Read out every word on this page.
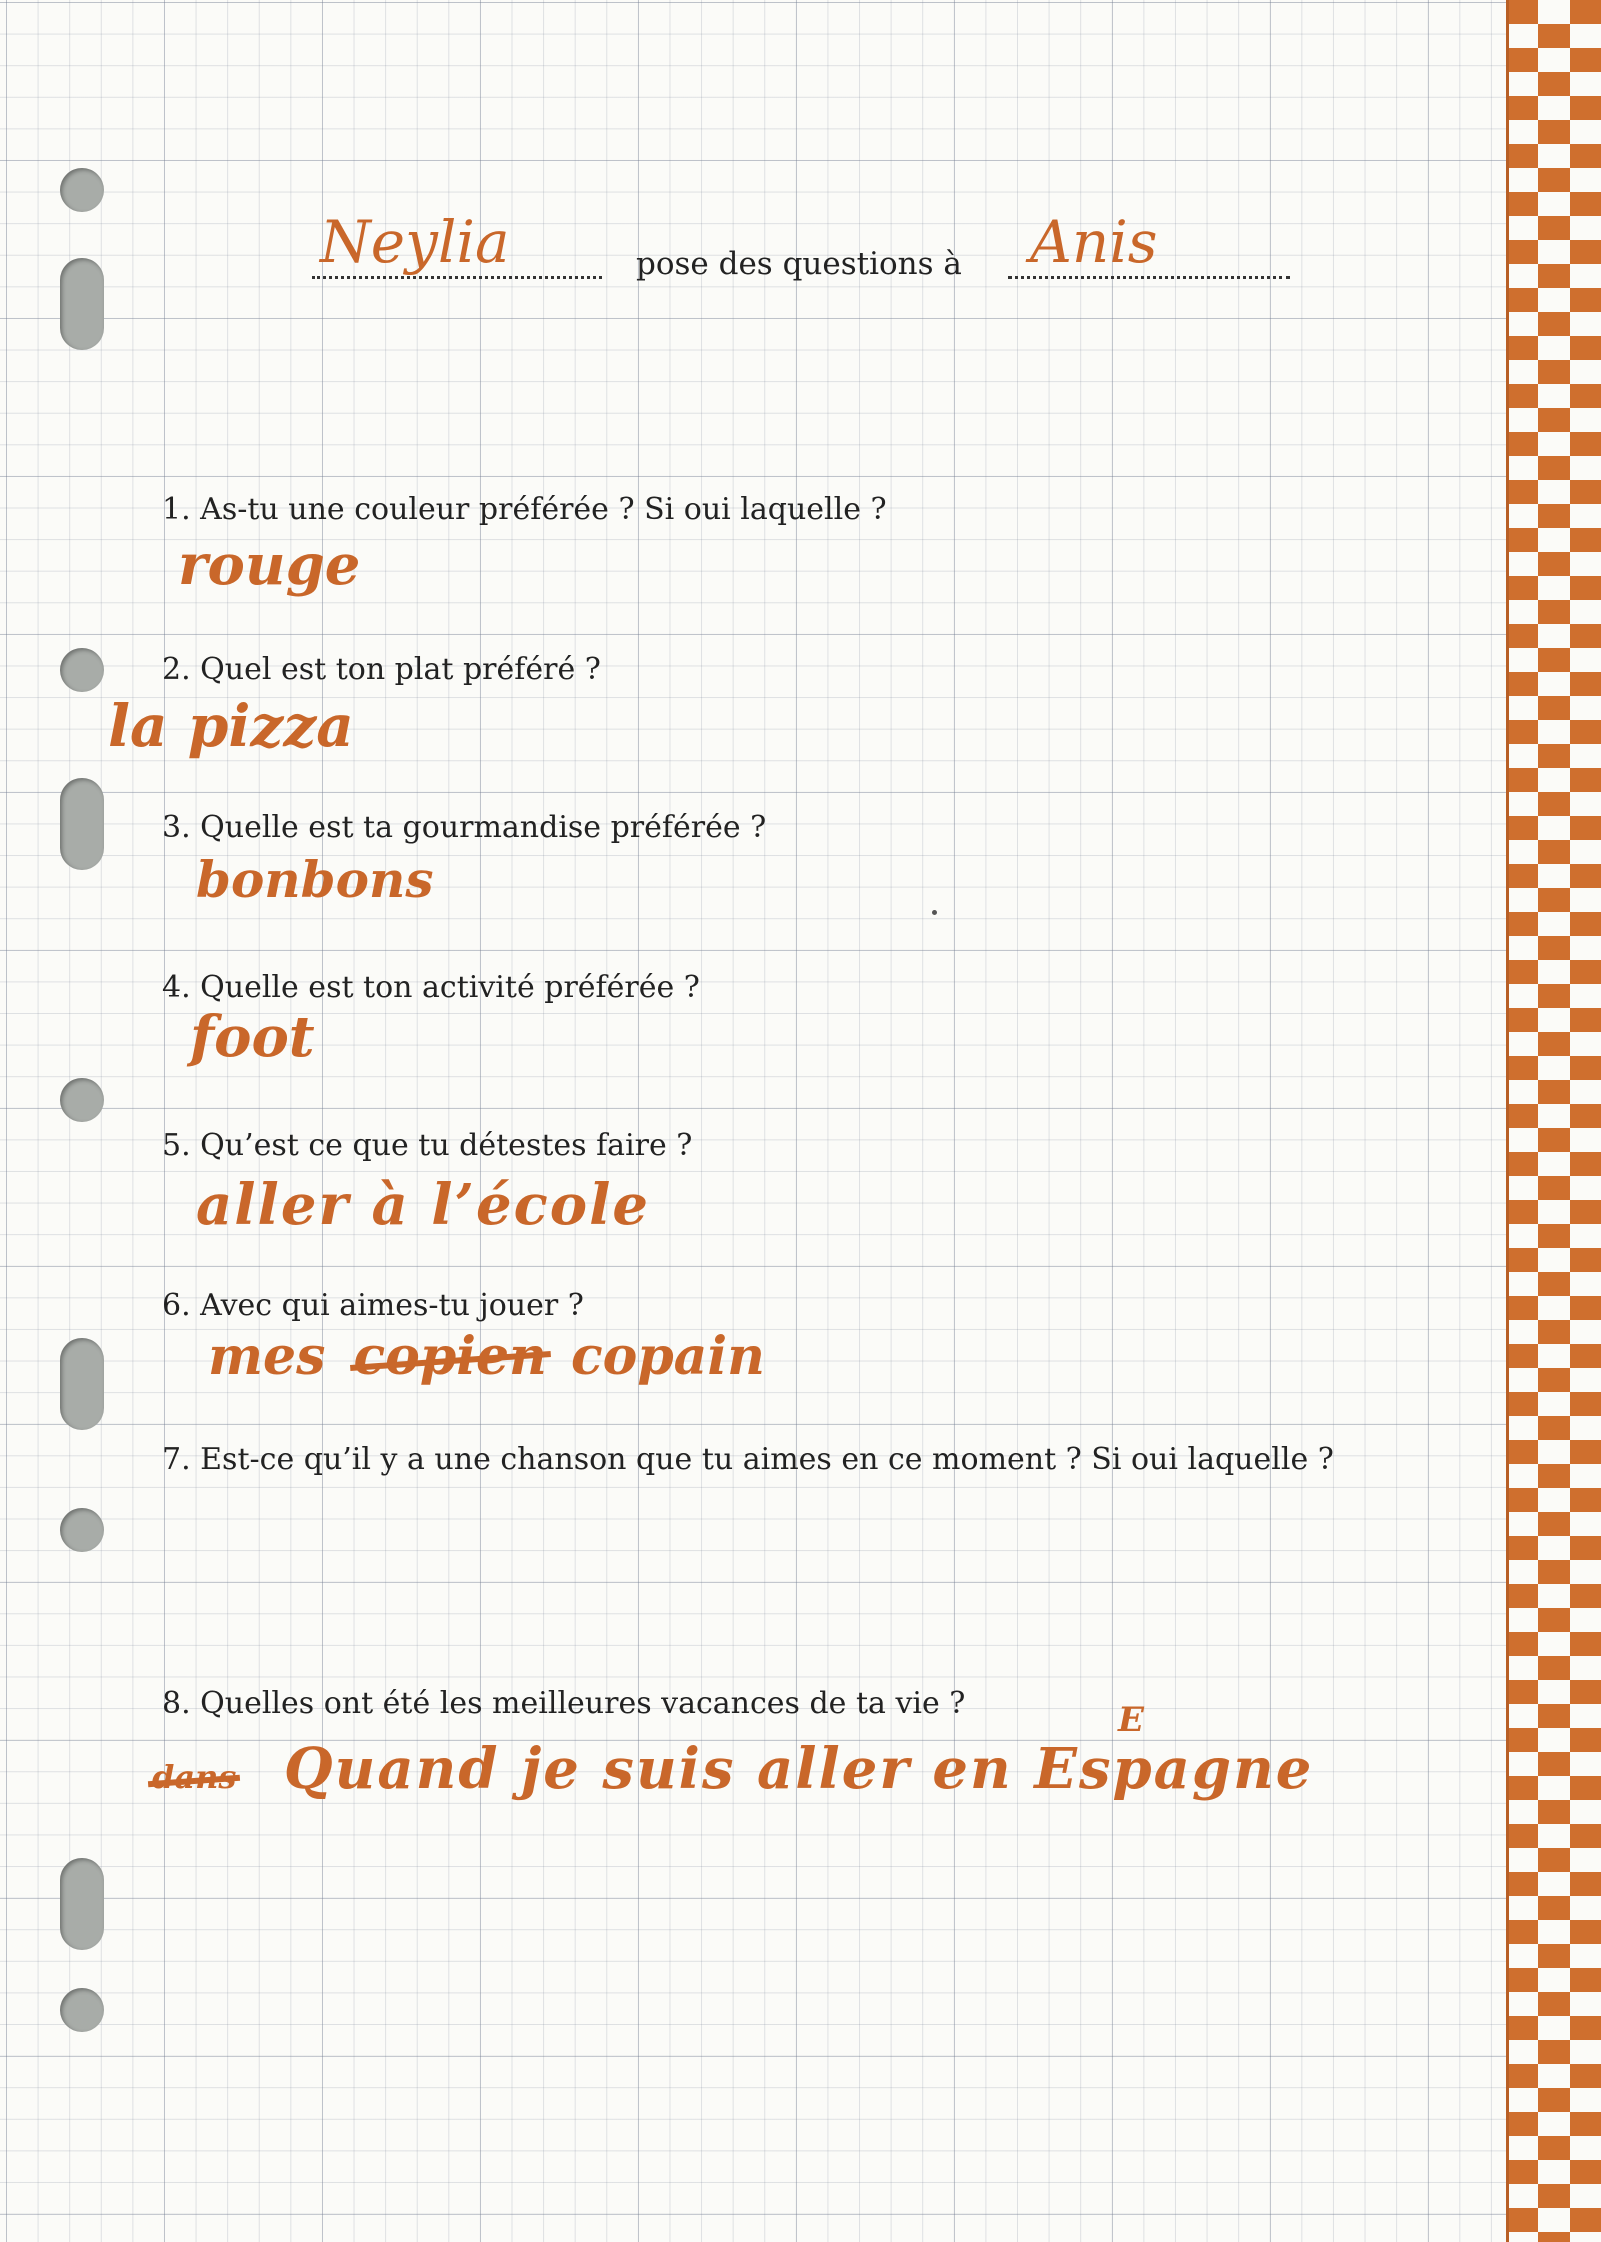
Neylia	pose des questions à Anis
1. As-tu une couleur préférée ? Si oui laquelle ?
rouge
2. Quel est ton plat préféré ?
la pizza
3. Quelle est ta gourmandise préférée ?
bonbons
4. Quelle est ton activité préférée ?
foot
5. Qu’est ce que tu détestes faire ?
aller à l’école
6. Avec qui aimes-tu jouer ?
mes copien copain
7. Est-ce qu’il y a une chanson que tu aimes en ce moment ? Si oui laquelle ?
8. Quelles ont été les meilleures vacances de ta vie ?
dans Quand je suis aller en Espagne
E
